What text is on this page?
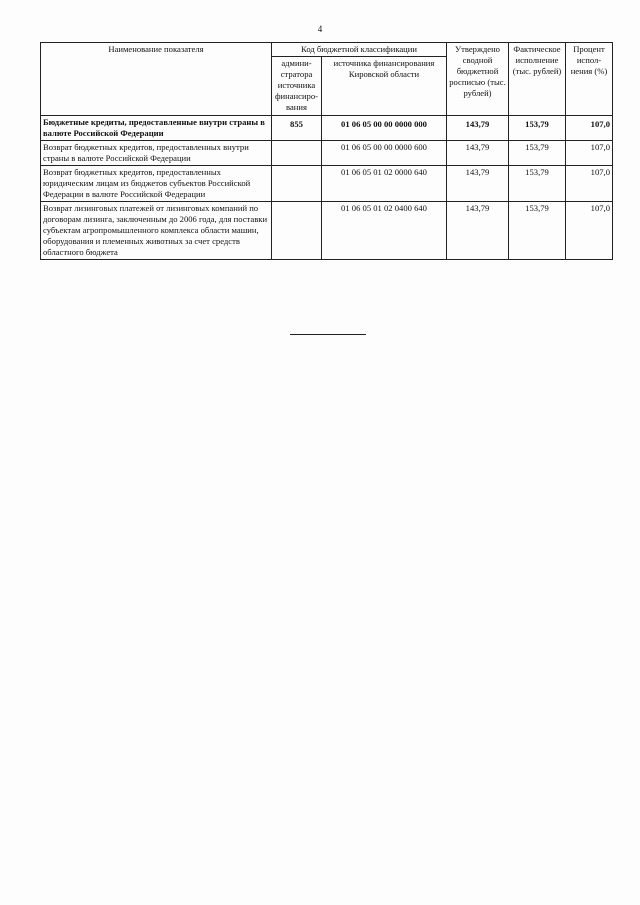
4
Наименование показателя	Код бюджетной классификации		Утверждено сводной бюджетной росписью (тыс. рублей)	Фактическое исполнение (тыс. рублей)	Процент испол-нения (%)
	админи-стратора источника финансиро-вания	источника финансирования Кировской области			
Бюджетные кредиты, предоставленные внутри страны в валюте Российской Федерации	855	01 06 05 00 00 0000 000	143,79	153,79	107,0
Возврат бюджетных кредитов, предоставленных внутри страны в валюте Российской Федерации		01 06 05 00 00 0000 600	143,79	153,79	107,0
Возврат бюджетных кредитов, предоставленных юридическим лицам из бюджетов субъектов Российской Федерации в валюте Российской Федерации		01 06 05 01 02 0000 640	143,79	153,79	107,0
Возврат лизинговых платежей от лизинговых компаний по договорам лизинга, заключенным до 2006 года, для поставки субъектам агропромышленного комплекса области машин, оборудования и племенных животных за счет средств областного бюджета		01 06 05 01 02 0400 640	143,79	153,79	107,0
